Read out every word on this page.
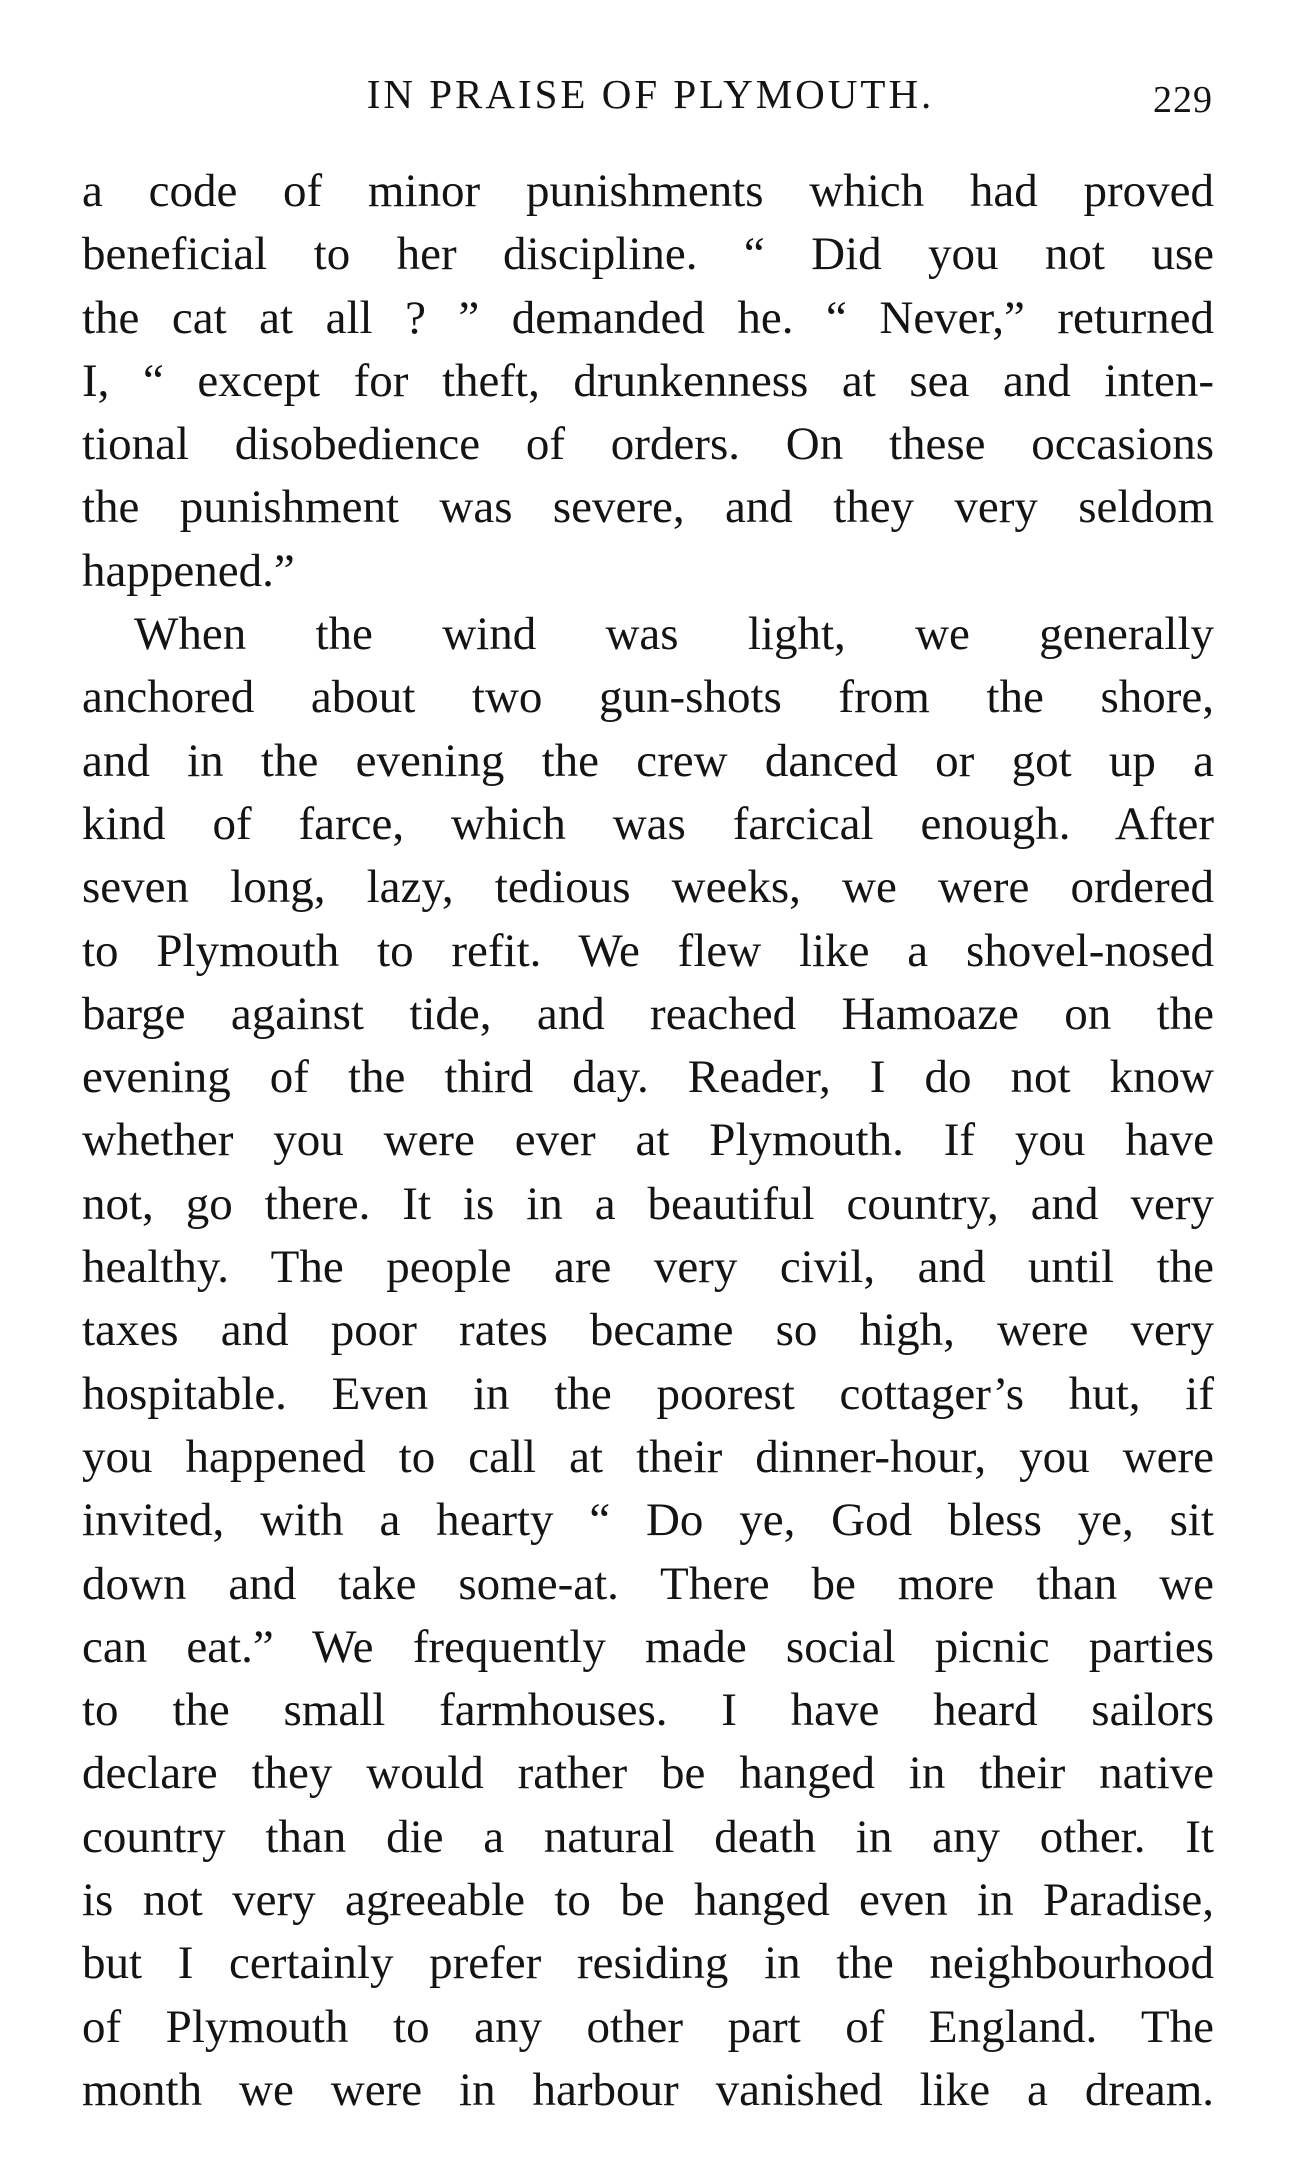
IN PRAISE OF PLYMOUTH.	229
a code of minor punishments which had proved
beneficial to her discipline. “ Did you not use
the cat at all ? ” demanded he. “ Never,” returned
I, “ except for theft, drunkenness at sea and inten-
tional disobedience of orders. On these occasions
the punishment was severe, and they very seldom
happened.”
When the wind was light, we generally
anchored about two gun-shots from the shore,
and in the evening the crew danced or got up a
kind of farce, which was farcical enough. After
seven long, lazy, tedious weeks, we were ordered
to Plymouth to refit. We flew like a shovel-nosed
barge against tide, and reached Hamoaze on the
evening of the third day. Reader, I do not know
whether you were ever at Plymouth. If you have
not, go there. It is in a beautiful country, and very
healthy. The people are very civil, and until the
taxes and poor rates became so high, were very
hospitable. Even in the poorest cottager’s hut, if
you happened to call at their dinner-hour, you were
invited, with a hearty “ Do ye, God bless ye, sit
down and take some-at. There be more than we
can eat.” We frequently made social picnic parties
to the small farmhouses. I have heard sailors
declare they would rather be hanged in their native
country than die a natural death in any other. It
is not very agreeable to be hanged even in Paradise,
but I certainly prefer residing in the neighbourhood
of Plymouth to any other part of England. The
month we were in harbour vanished like a dream.
